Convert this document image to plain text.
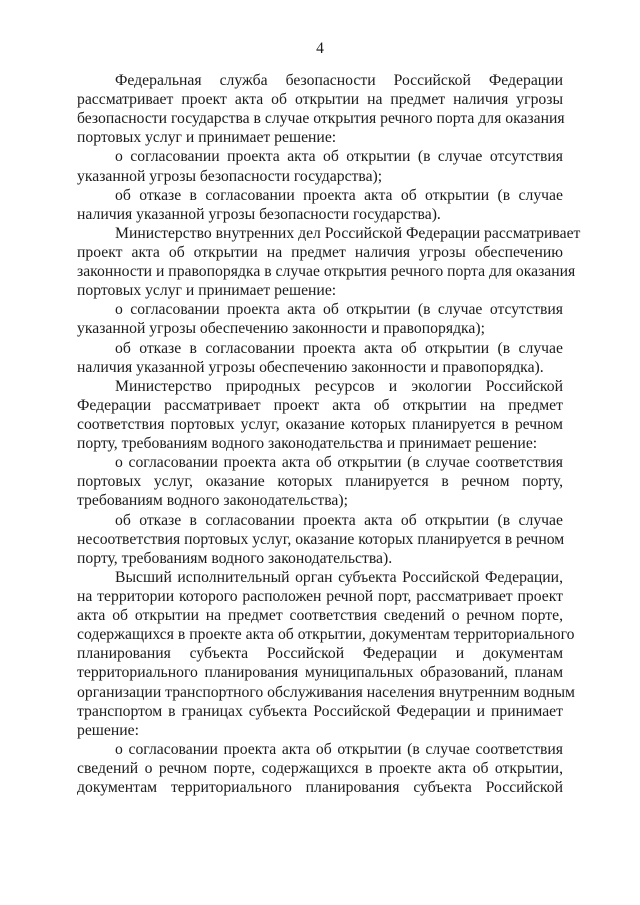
4
Федеральная служба безопасности Российской Федерации
рассматривает проект акта об открытии на предмет наличия угрозы
безопасности государства в случае открытия речного порта для оказания
портовых услуг и принимает решение:
о согласовании проекта акта об открытии (в случае отсутствия
указанной угрозы безопасности государства);
об отказе в согласовании проекта акта об открытии (в случае
наличия указанной угрозы безопасности государства).
Министерство внутренних дел Российской Федерации рассматривает
проект акта об открытии на предмет наличия угрозы обеспечению
законности и правопорядка в случае открытия речного порта для оказания
портовых услуг и принимает решение:
о согласовании проекта акта об открытии (в случае отсутствия
указанной угрозы обеспечению законности и правопорядка);
об отказе в согласовании проекта акта об открытии (в случае
наличия указанной угрозы обеспечению законности и правопорядка).
Министерство природных ресурсов и экологии Российской
Федерации рассматривает проект акта об открытии на предмет
соответствия портовых услуг, оказание которых планируется в речном
порту, требованиям водного законодательства и принимает решение:
о согласовании проекта акта об открытии (в случае соответствия
портовых услуг, оказание которых планируется в речном порту,
требованиям водного законодательства);
об отказе в согласовании проекта акта об открытии (в случае
несоответствия портовых услуг, оказание которых планируется в речном
порту, требованиям водного законодательства).
Высший исполнительный орган субъекта Российской Федерации,
на территории которого расположен речной порт, рассматривает проект
акта об открытии на предмет соответствия сведений о речном порте,
содержащихся в проекте акта об открытии, документам территориального
планирования субъекта Российской Федерации и документам
территориального планирования муниципальных образований, планам
организации транспортного обслуживания населения внутренним водным
транспортом в границах субъекта Российской Федерации и принимает
решение:
о согласовании проекта акта об открытии (в случае соответствия
сведений о речном порте, содержащихся в проекте акта об открытии,
документам территориального планирования субъекта Российской
